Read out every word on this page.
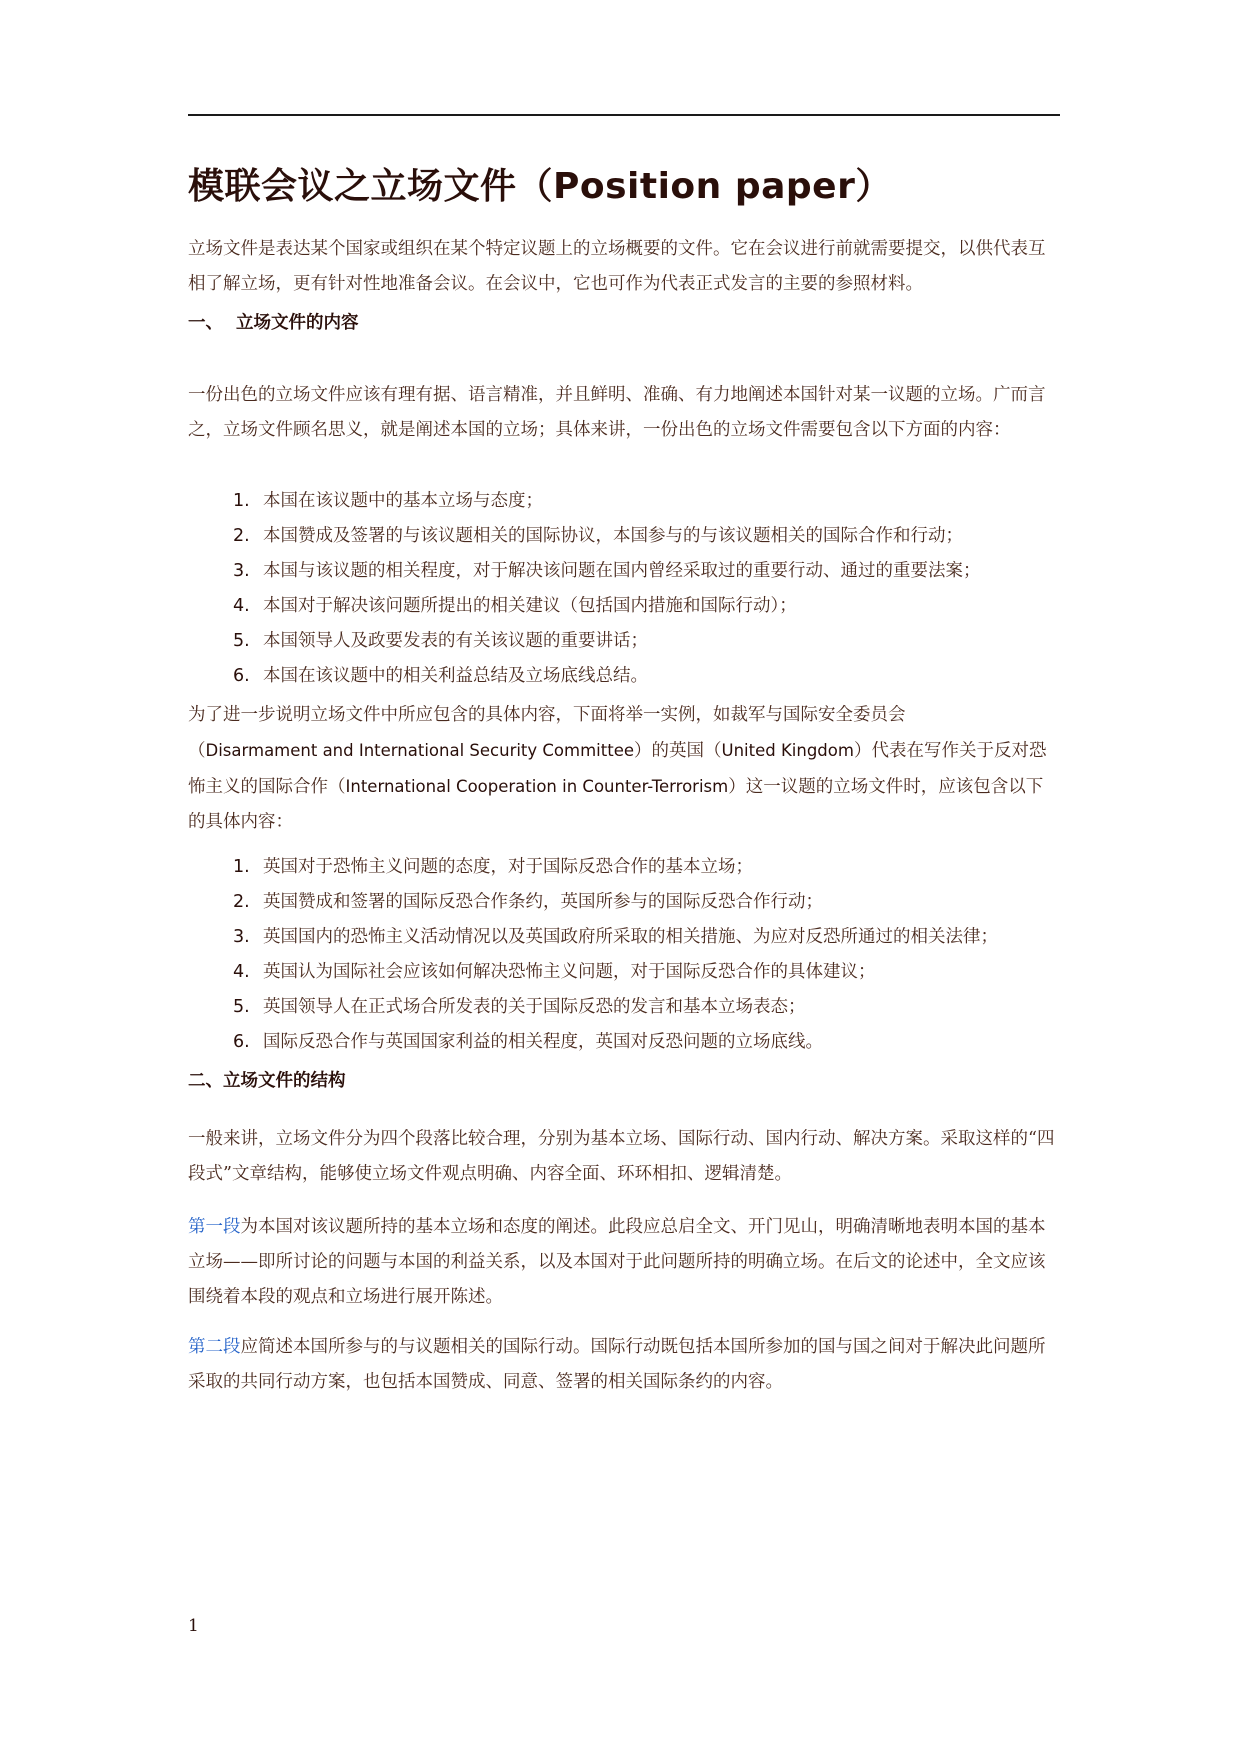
模联会议之立场文件（Position paper）

立场文件是表达某个国家或组织在某个特定议题上的立场概要的文件。它在会议进行前就需要提交，以供代表互相了解立场，更有针对性地准备会议。在会议中，它也可作为代表正式发言的主要的参照材料。

一、 立场文件的内容

一份出色的立场文件应该有理有据、语言精准，并且鲜明、准确、有力地阐述本国针对某一议题的立场。广而言之，立场文件顾名思义，就是阐述本国的立场；具体来讲，一份出色的立场文件需要包含以下方面的内容：

1. 本国在该议题中的基本立场与态度；
2. 本国赞成及签署的与该议题相关的国际协议，本国参与的与该议题相关的国际合作和行动；
3. 本国与该议题的相关程度，对于解决该问题在国内曾经采取过的重要行动、通过的重要法案；
4. 本国对于解决该问题所提出的相关建议（包括国内措施和国际行动）；
5. 本国领导人及政要发表的有关该议题的重要讲话；
6. 本国在该议题中的相关利益总结及立场底线总结。

为了进一步说明立场文件中所应包含的具体内容，下面将举一实例，如裁军与国际安全委员会
（Disarmament and International Security Committee）的英国（United Kingdom）代表在写作关于反对恐怖主义的国际合作（International Cooperation in Counter-Terrorism）这一议题的立场文件时，应该包含以下的具体内容：

1. 英国对于恐怖主义问题的态度，对于国际反恐合作的基本立场；
2. 英国赞成和签署的国际反恐合作条约，英国所参与的国际反恐合作行动；
3. 英国国内的恐怖主义活动情况以及英国政府所采取的相关措施、为应对反恐所通过的相关法律；
4. 英国认为国际社会应该如何解决恐怖主义问题，对于国际反恐合作的具体建议；
5. 英国领导人在正式场合所发表的关于国际反恐的发言和基本立场表态；
6. 国际反恐合作与英国国家利益的相关程度，英国对反恐问题的立场底线。
二、立场文件的结构

一般来讲，立场文件分为四个段落比较合理，分别为基本立场、国际行动、国内行动、解决方案。采取这样的“四段式”文章结构，能够使立场文件观点明确、内容全面、环环相扣、逻辑清楚。

第一段为本国对该议题所持的基本立场和态度的阐述。此段应总启全文、开门见山，明确清晰地表明本国的基本立场——即所讨论的问题与本国的利益关系，以及本国对于此问题所持的明确立场。在后文的论述中，全文应该围绕着本段的观点和立场进行展开陈述。

第二段应简述本国所参与的与议题相关的国际行动。国际行动既包括本国所参加的国与国之间对于解决此问题所采取的共同行动方案，也包括本国赞成、同意、签署的相关国际条约的内容。

1
